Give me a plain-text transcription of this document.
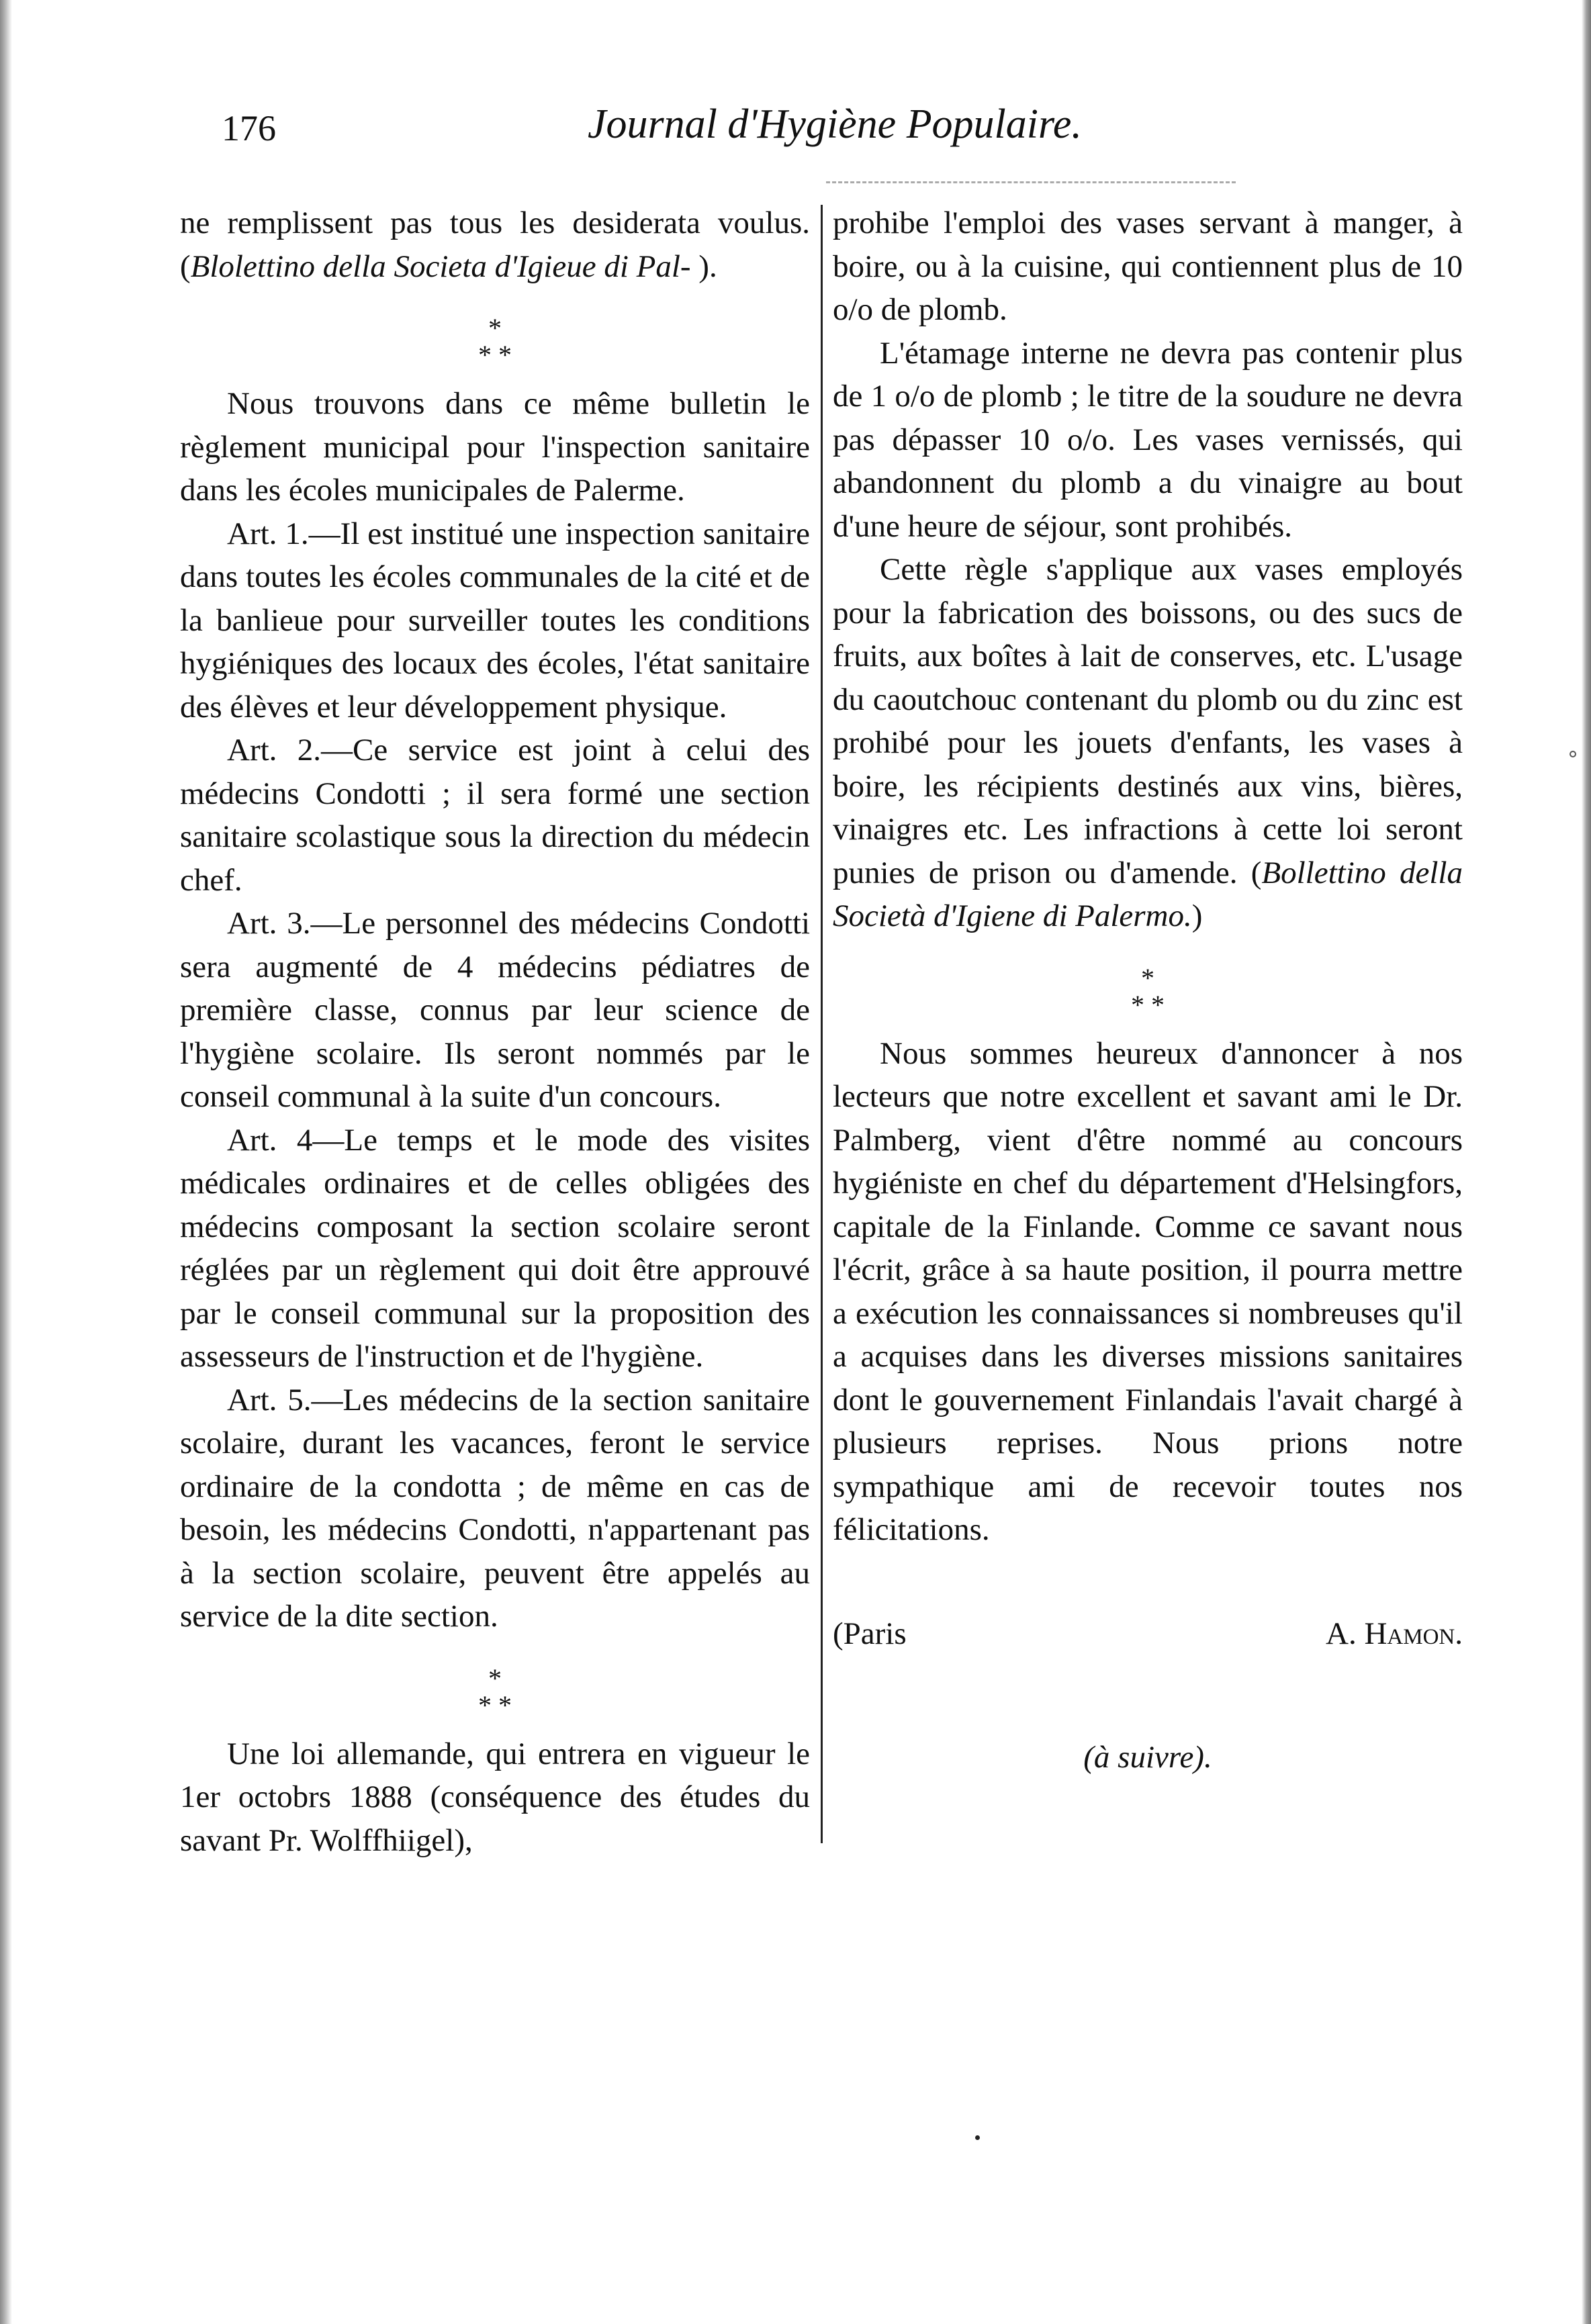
176	Journal d'Hygiène Populaire.

ne remplissent pas tous les desiderata voulus. (Blolettino della Societa d'Igieue di Pal- ).

*
* *

Nous trouvons dans ce même bulletin le règlement municipal pour l'inspection sanitaire dans les écoles municipales de Palerme.

Art. 1.—Il est institué une inspection sanitaire dans toutes les écoles communales de la cité et de la banlieue pour surveiller toutes les conditions hygiéniques des locaux des écoles, l'état sanitaire des élèves et leur développement physique.

Art. 2.—Ce service est joint à celui des médecins Condotti ; il sera formé une section sanitaire scolastique sous la direction du médecin chef.

Art. 3.—Le personnel des médecins Condotti sera augmenté de 4 médecins pédiatres de première classe, connus par leur science de l'hygiène scolaire. Ils seront nommés par le conseil communal à la suite d'un concours.

Art. 4—Le temps et le mode des visites médicales ordinaires et de celles obligées des médecins composant la section scolaire seront réglées par un règlement qui doit être approuvé par le conseil communal sur la proposition des assesseurs de l'instruction et de l'hygiène.

Art. 5.—Les médecins de la section sanitaire scolaire, durant les vacances, feront le service ordinaire de la condotta ; de même en cas de besoin, les médecins Condotti, n'appartenant pas à la section scolaire, peuvent être appelés au service de la dite section.

*
* *

Une loi allemande, qui entrera en vigueur le 1er octobrs 1888 (conséquence des études du savant Pr. Wolffhiigel),

prohibe l'emploi des vases servant à manger, à boire, ou à la cuisine, qui contiennent plus de 10 o/o de plomb.

L'étamage interne ne devra pas contenir plus de 1 o/o de plomb ; le titre de la soudure ne devra pas dépasser 10 o/o. Les vases vernissés, qui abandonnent du plomb a du vinaigre au bout d'une heure de séjour, sont prohibés.

Cette règle s'applique aux vases employés pour la fabrication des boissons, ou des sucs de fruits, aux boîtes à lait de conserves, etc. L'usage du caoutchouc contenant du plomb ou du zinc est prohibé pour les jouets d'enfants, les vases à boire, les récipients destinés aux vins, bières, vinaigres etc. Les infractions à cette loi seront punies de prison ou d'amende. (Bollettino della Società d'Igiene di Palermo.)

*
* *

Nous sommes heureux d'annoncer à nos lecteurs que notre excellent et savant ami le Dr. Palmberg, vient d'être nommé au concours hygiéniste en chef du département d'Helsingfors, capitale de la Finlande. Comme ce savant nous l'écrit, grâce à sa haute position, il pourra mettre a exécution les connaissances si nombreuses qu'il a acquises dans les diverses missions sanitaires dont le gouvernement Finlandais l'avait chargé à plusieurs reprises. Nous prions notre sympathique ami de recevoir toutes nos félicitations.

(Paris	A. Hamon.
(à suivre).
